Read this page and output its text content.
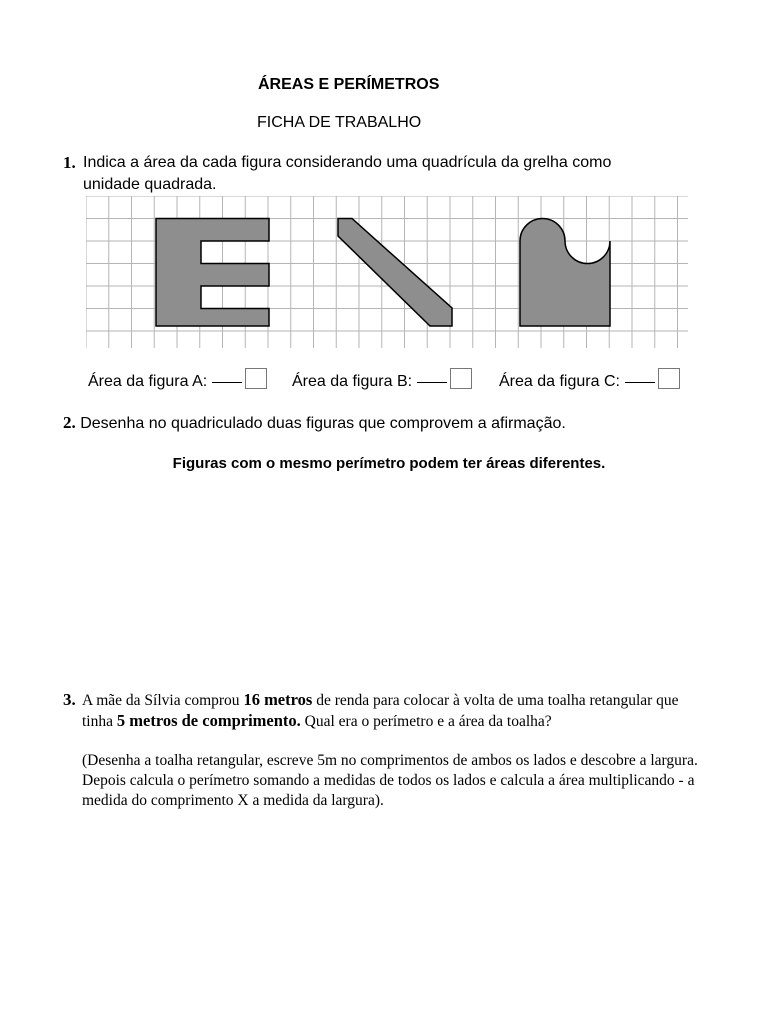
ÁREAS E PERÍMETROS
FICHA DE TRABALHO
1. Indica a área da cada figura considerando uma quadrícula da grelha como
unidade quadrada.
Área da figura A:	Área da figura B:	Área da figura C:
2. Desenha no quadriculado duas figuras que comprovem a afirmação.
Figuras com o mesmo perímetro podem ter áreas diferentes.
3. A mãe da Sílvia comprou 16 metros de renda para colocar à volta de uma toalha retangular que tinha 5 metros de comprimento. Qual era o perímetro e a área da toalha?
(Desenha a toalha retangular, escreve 5m no comprimentos de ambos os lados e descobre a largura. Depois calcula o perímetro somando a medidas de todos os lados e calcula a área multiplicando - a medida do comprimento X a medida da largura).
